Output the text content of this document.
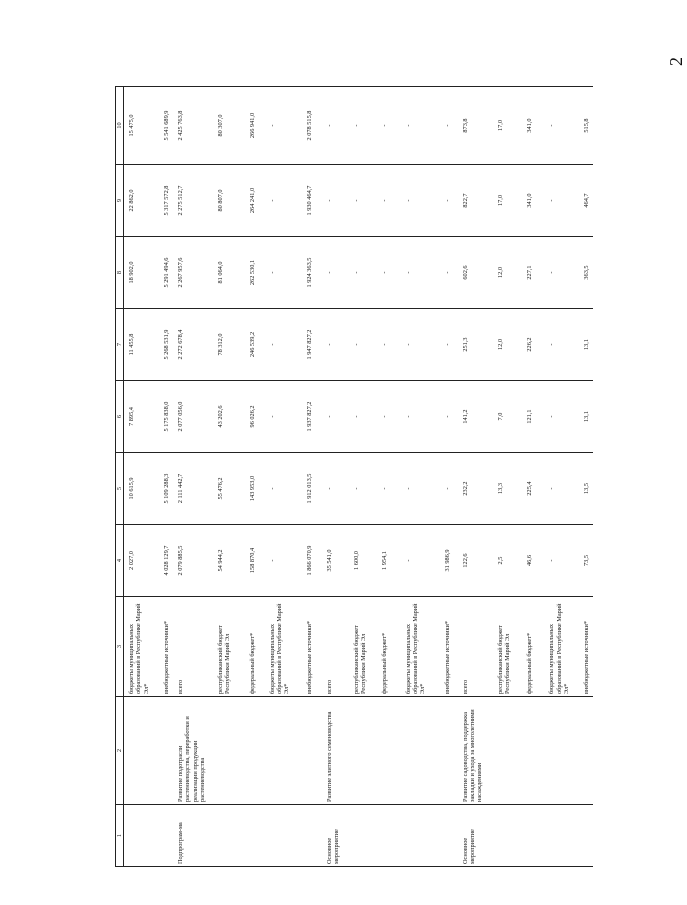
2
1	2	3	4	5	6	7	8	9	10
		бюджеты муниципальных образований в Республике Марий Эл*	2 027,0	10 615,9	7 895,4	11 455,8	18 902,0	22 862,0	15 475,0
		внебюджетные источники*	4 028 129,7	5 109 288,3	5 175 838,0	5 268 531,9	5 291 494,6	5 317 572,8	5 541 689,9
Подпрограм-ма	Развитие подотрасли растениеводства, переработки и реализации продукции растениеводства	всего	2 079 885,5	2 111 442,7	2 077 056,0	2 272 678,4	2 267 957,6	2 275 512,7	2 425 763,8
		республиканский бюджет Республики Марий Эл	54 944,2	55 476,2	43 202,6	78 312,0	81 064,0	80 807,0	80 307,0
		федеральный бюджет*	158 870,4	143 953,0	96 026,2	246 539,2	262 530,1	264 241,0	266 941,0
		бюджеты муниципальных образований в Республике Марий Эл*	-	-	-	-	-	-	-
		внебюджетные источники*	1 866 070,9	1 912 013,5	1 937 827,2	1 947 827,2	1 924 363,5	1 930 464,7	2 078 515,8
Основное мероприятие	Развитие элитного семеноводства	всего	35 541,0	-	-	-	-	-	-
		республиканский бюджет Республики Марий Эл	1 600,0	-	-	-	-	-	-
		федеральный бюджет*	1 954,1	-	-	-	-	-	-
		бюджеты муниципальных образований в Республике Марий Эл*	-	-	-	-	-	-	-
		внебюджетные источники*	31 986,9	-	-	-	-	-	-
Основное мероприятие	Развитие садоводства, поддержка закладки и ухода за многолетними насаждениями	всего	122,6	232,2	141,2	251,3	602,6	822,7	873,8
		республиканский бюджет Республики Марий Эл	2,5	13,3	7,0	12,0	12,0	17,0	17,0
		федеральный бюджет*	46,6	225,4	121,1	226,2	227,1	341,0	341,0
		бюджеты муниципальных образований в Республике Марий Эл*	-	-	-	-	-	-	-
		внебюджетные источники*	73,5	13,5	13,1	13,1	363,5	464,7	515,8
